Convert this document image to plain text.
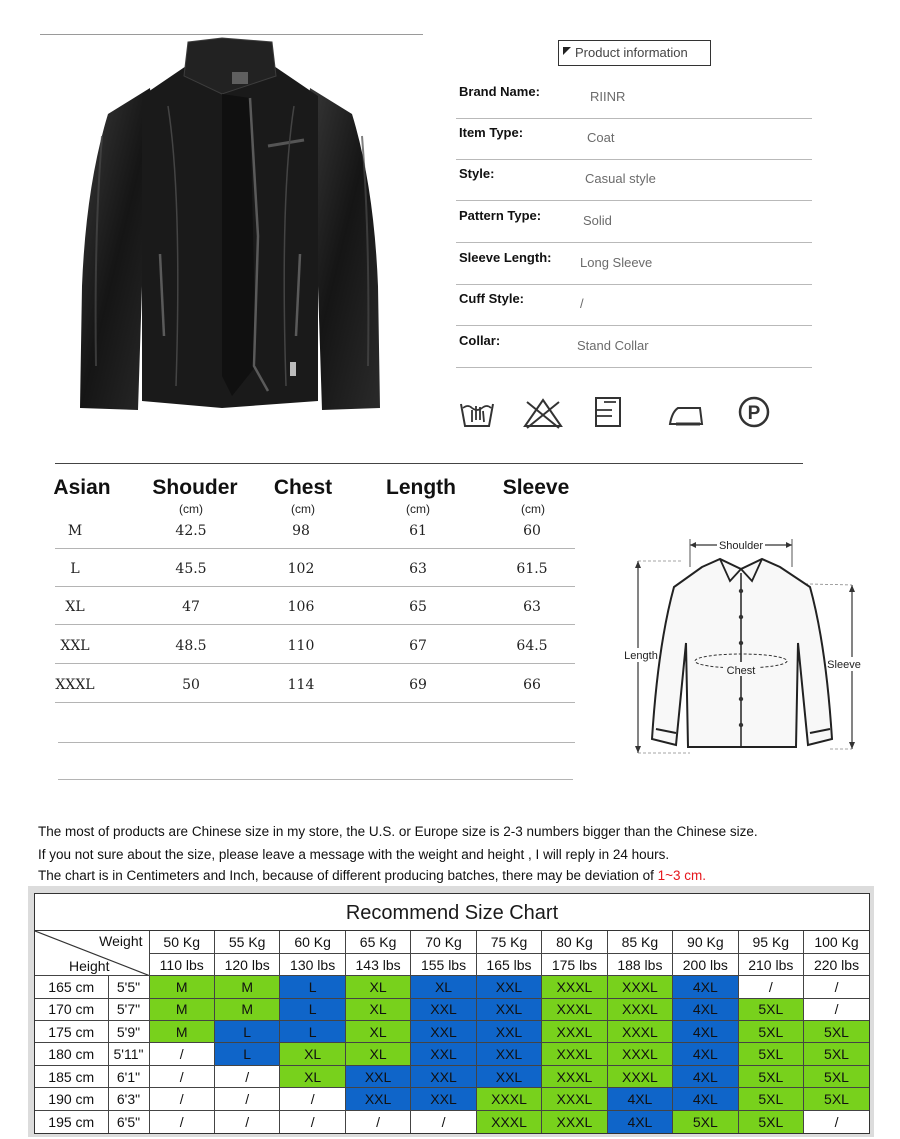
Product information
Brand Name:	RIINR
Item Type:	Coat
Style:	Casual style
Pattern Type:	Solid
Sleeve Length: Long Sleeve
Cuff Style:	/
Collar:	Stand Collar
P
Asian	Shouder	Chest	Length	Sleeve
(cm)	(cm)	(cm)	(cm)
M	42.5	98	61	60
L	45.5	102	63	61.5
XL	47	106	65	63
XXL	48.5	110	67	64.5
XXXL	50	114	69	66
Shoulder
Length
Sleeve
Chest
The most of products are Chinese size in my store, the U.S. or Europe size is 2-3 numbers bigger than the Chinese size.
If you not sure about the size, please leave a message with the weight and height , I will reply in 24 hours.
The chart is in Centimeters and Inch, because of different producing batches, there may be deviation of 1~3 cm.
Recommend Size Chart
Weight
Height		50 Kg	55 Kg	60 Kg	65 Kg	70 Kg	75 Kg	80 Kg	85 Kg	90 Kg	95 Kg	100 Kg
		110 lbs	120 lbs	130 lbs	143 lbs	155 lbs	165 lbs	175 lbs	188 lbs	200 lbs	210 lbs	220 lbs
165 cm	5'5"	M	M	L	XL	XL	XXL	XXXL	XXXL	4XL	/	/
170 cm	5'7"	M	M	L	XL	XXL	XXL	XXXL	XXXL	4XL	5XL	/
175 cm	5'9"	M	L	L	XL	XXL	XXL	XXXL	XXXL	4XL	5XL	5XL
180 cm	5'11"	/	L	XL	XL	XXL	XXL	XXXL	XXXL	4XL	5XL	5XL
185 cm	6'1"	/	/	XL	XXL	XXL	XXL	XXXL	XXXL	4XL	5XL	5XL
190 cm	6'3"	/	/	/	XXL	XXL	XXXL	XXXL	4XL	4XL	5XL	5XL
195 cm	6'5"	/	/	/	/	/	XXXL	XXXL	4XL	5XL	5XL	/
